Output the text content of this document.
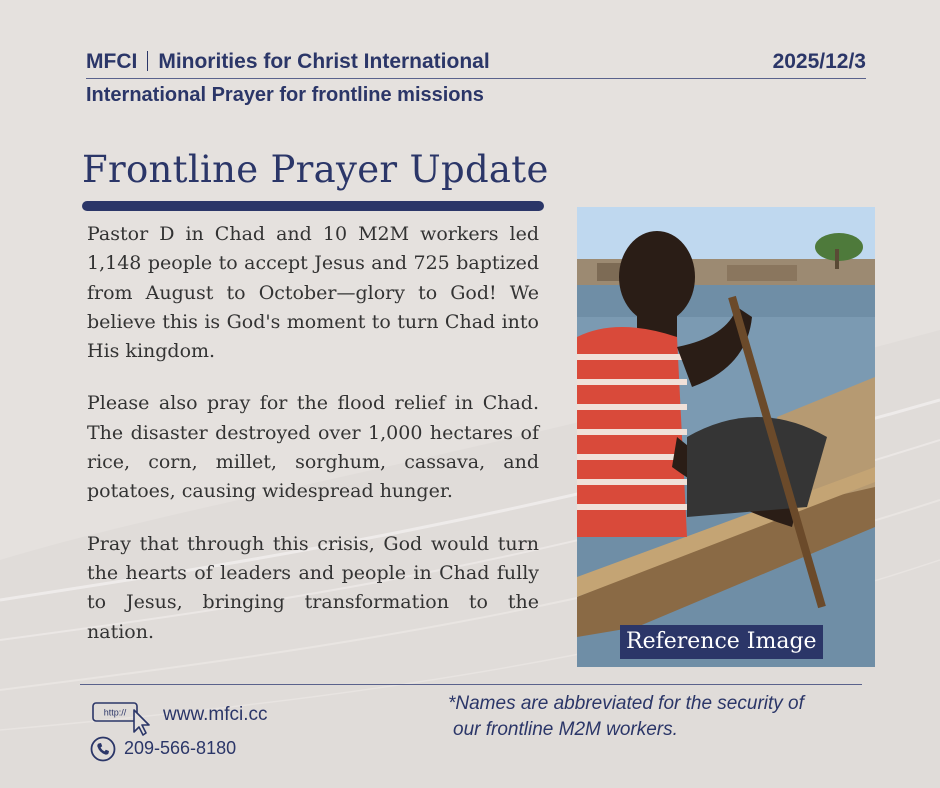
MFCI Minorities for Christ International	2025/12/3
International Prayer for frontline missions
Frontline Prayer Update

Pastor D in Chad and 10 M2M workers led 1,148 people to accept Jesus and 725 baptized from August to October—glory to God! We believe this is God's moment to turn Chad into His kingdom.

Please also pray for the flood relief in Chad. The disaster destroyed over 1,000 hectares of rice, corn, millet, sorghum, cassava, and potatoes, causing widespread hunger.

Pray that through this crisis, God would turn the hearts of leaders and people in Chad fully to Jesus, bringing transformation to the nation.	Reference Image
http:// www.mfci.cc
209-566-8180
*Names are abbreviated for the security of
our frontline M2M workers.
